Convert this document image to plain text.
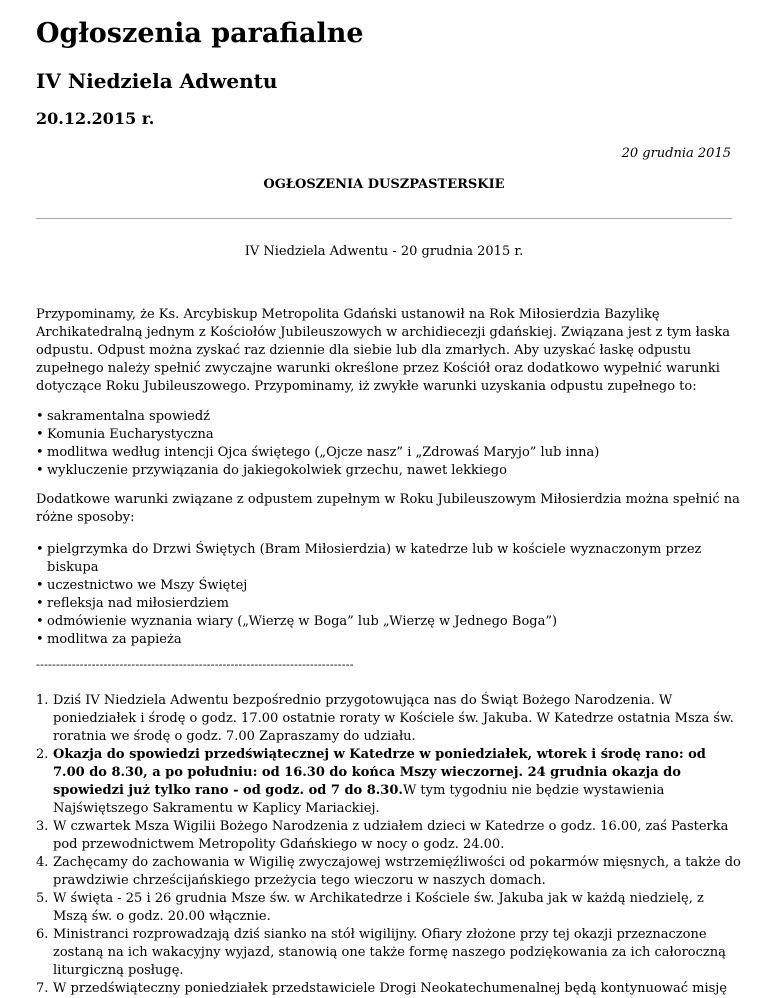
Ogłoszenia parafialne
IV Niedziela Adwentu
20.12.2015 r.
20 grudnia 2015
OGŁOSZENIA DUSZPASTERSKIE
IV Niedziela Adwentu - 20 grudnia 2015 r.
Przypominamy, że Ks. Arcybiskup Metropolita Gdański ustanowił na Rok Miłosierdzia Bazylikę
Archikatedralną jednym z Kościołów Jubileuszowych w archidiecezji gdańskiej. Związana jest z tym łaska
odpustu. Odpust można zyskać raz dziennie dla siebie lub dla zmarłych. Aby uzyskać łaskę odpustu
zupełnego należy spełnić zwyczajne warunki określone przez Kościół oraz dodatkowo wypełnić warunki
dotyczące Roku Jubileuszowego. Przypominamy, iż zwykłe warunki uzyskania odpustu zupełnego to:
• sakramentalna spowiedź
• Komunia Eucharystyczna
• modlitwa według intencji Ojca świętego („Ojcze nasz” i „Zdrowaś Maryjo” lub inna)
• wykluczenie przywiązania do jakiegokolwiek grzechu, nawet lekkiego
Dodatkowe warunki związane z odpustem zupełnym w Roku Jubileuszowym Miłosierdzia można spełnić na
różne sposoby:
• pielgrzymka do Drzwi Świętych (Bram Miłosierdzia) w katedrze lub w kościele wyznaczonym przez
biskupa
• uczestnictwo we Mszy Świętej
• refleksja nad miłosierdziem
• odmówienie wyznania wiary („Wierzę w Boga” lub „Wierzę w Jednego Boga”)
• modlitwa za papieża
--------------------------------------------------------------------------------
1. Dziś IV Niedziela Adwentu bezpośrednio przygotowująca nas do Świąt Bożego Narodzenia. W
poniedziałek i środę o godz. 17.00 ostatnie roraty w Kościele św. Jakuba. W Katedrze ostatnia Msza św.
roratnia we środę o godz. 7.00 Zapraszamy do udziału.
2. Okazja do spowiedzi przedświątecznej w Katedrze w poniedziałek, wtorek i środę rano: od
7.00 do 8.30, a po południu: od 16.30 do końca Mszy wieczornej. 24 grudnia okazja do
spowiedzi już tylko rano - od godz. od 7 do 8.30.W tym tygodniu nie będzie wystawienia
Najświętszego Sakramentu w Kaplicy Mariackiej.
3. W czwartek Msza Wigilii Bożego Narodzenia z udziałem dzieci w Katedrze o godz. 16.00, zaś Pasterka
pod przewodnictwem Metropolity Gdańskiego w nocy o godz. 24.00.
4. Zachęcamy do zachowania w Wigilię zwyczajowej wstrzemięźliwości od pokarmów mięsnych, a także do
prawdziwie chrześcijańskiego przeżycia tego wieczoru w naszych domach.
5. W święta - 25 i 26 grudnia Msze św. w Archikatedrze i Kościele św. Jakuba jak w każdą niedzielę, z
Mszą św. o godz. 20.00 włącznie.
6. Ministranci rozprowadzają dziś sianko na stół wigilijny. Ofiary złożone przy tej okazji przeznaczone
zostaną na ich wakacyjny wyjazd, stanowią one także formę naszego podziękowania za ich całoroczną
liturgiczną posługę.
7. W przedświąteczny poniedziałek przedstawiciele Drogi Neokatechumenalnej będą kontynuować misję
